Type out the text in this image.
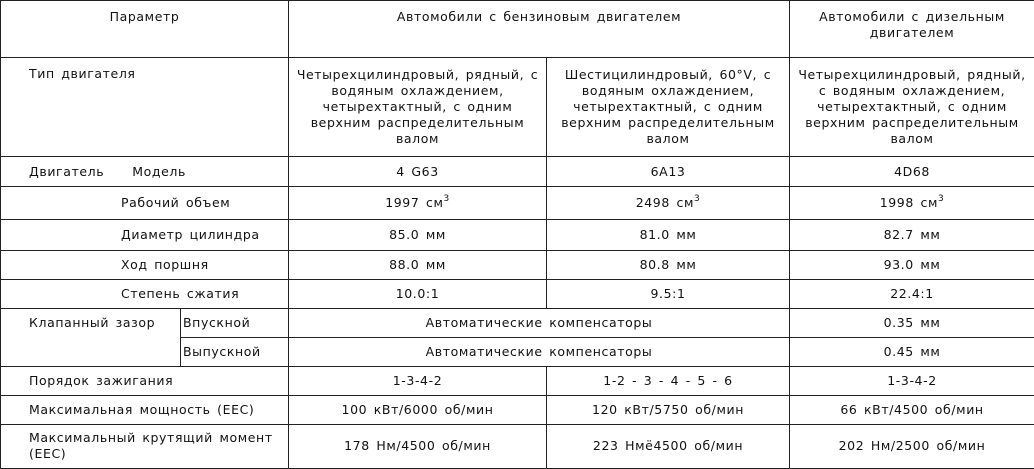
Параметр		Автомобили с бензиновым двигателем		Автомобили с дизельным двигателем
Тип двигателя		Четырехцилиндровый, рядный, с водяным охлаждением, четырехтактный, с одним верхним распределительным валом	Шестицилиндровый, 60°V, с водяным охлаждением, четырехтактный, с одним верхним распределительным валом	Четырехцилиндровый, рядный, с водяным охлаждением, четырехтактный, с одним верхним распределительным валом
Двигатель Модель		4 G63	6A13	4D68
Рабочий объем		1997 $см^3$	2498 $см^3$	1998 $см^3$
Диаметр цилиндра		85.0 мм	81.0 мм	82.7 мм
Ход поршня		88.0 мм	80.8 мм	93.0 мм
Степень сжатия		10.0:1	9.5:1	22.4:1
Клапанный зазор	Впускной	Автоматические компенсаторы		0.35 мм
	Выпускной	Автоматические компенсаторы		0.45 мм
Порядок зажигания		1-3-4-2	1-2 - 3 - 4 - 5 - 6	1-3-4-2
Максимальная мощность (ЕЕС)		100 кВт/6000 об/мин	120 кВт/5750 об/мин	66 кВт/4500 об/мин
Максимальный крутящий момент (ЕЕС)		178 Нм/4500 об/мин	223 Нмё4500 об/мин	202 Нм/2500 об/мин
